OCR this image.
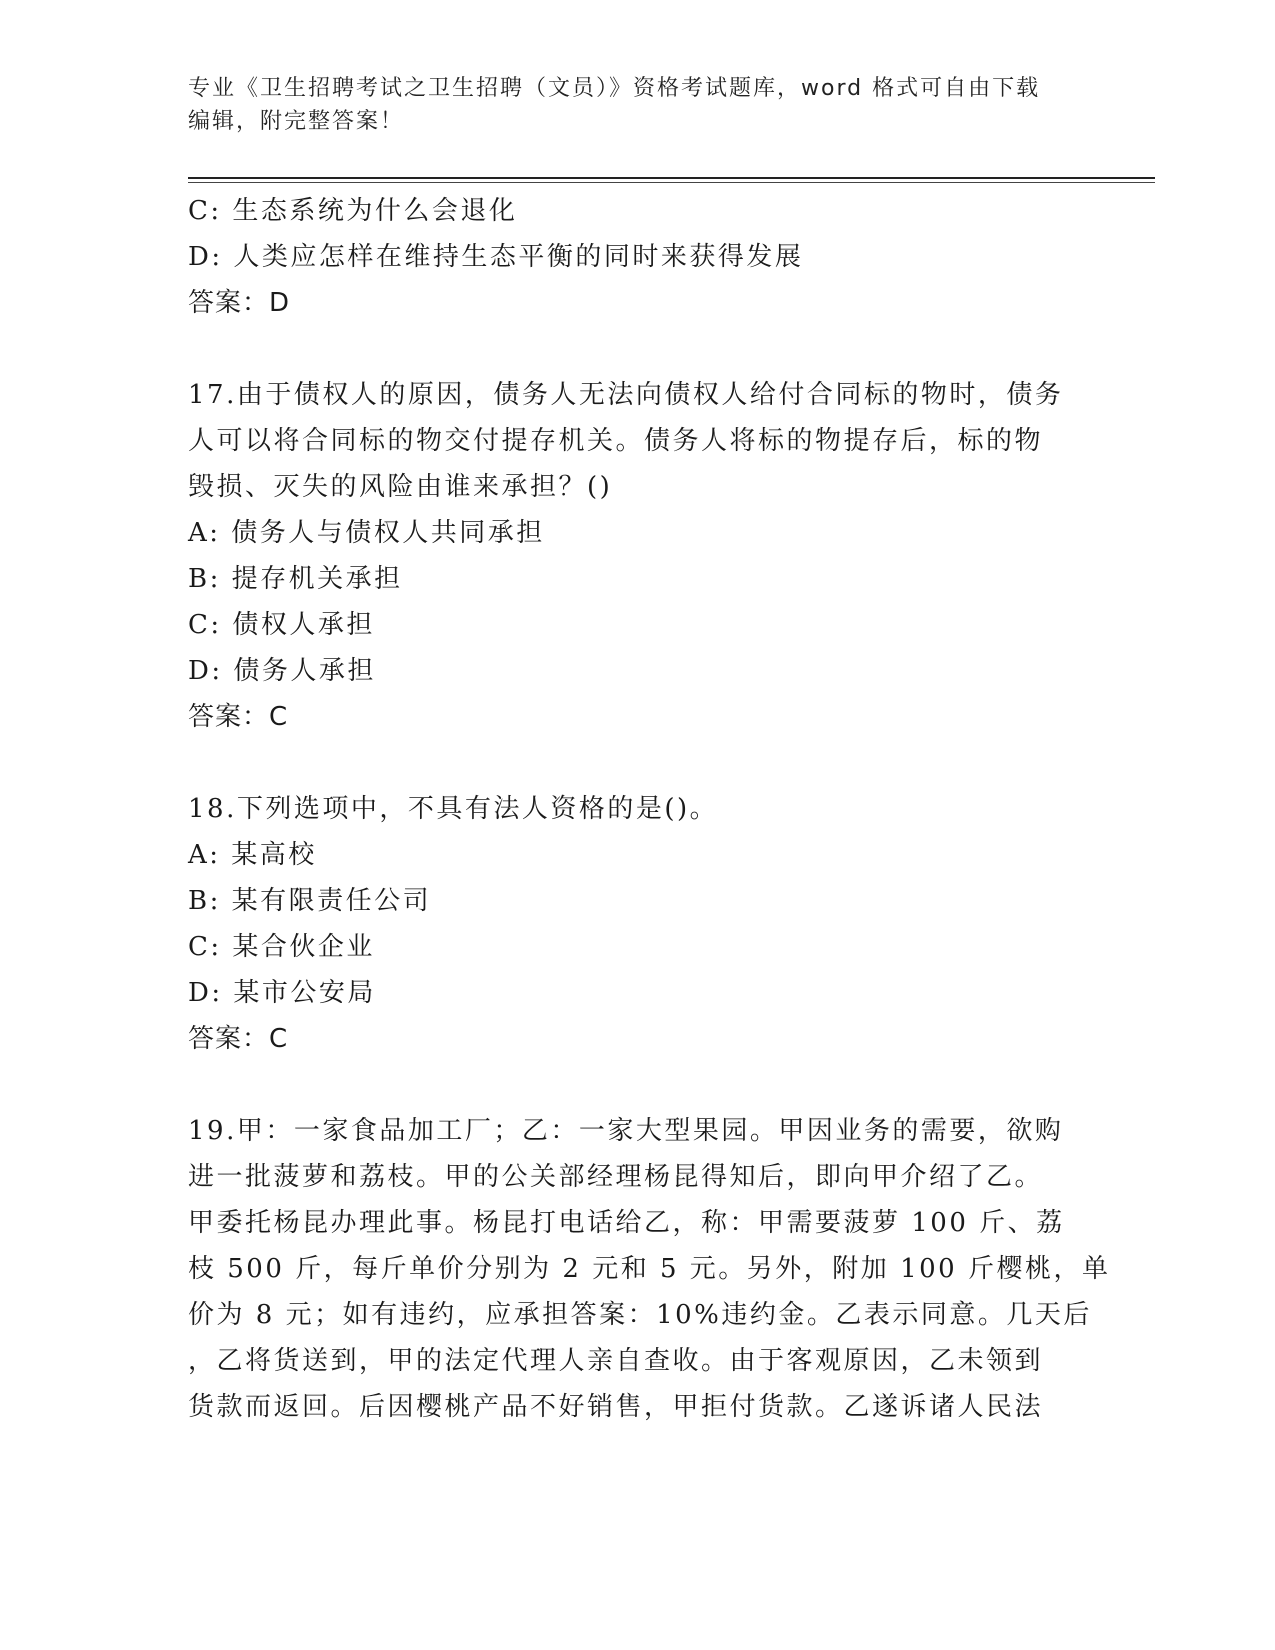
专业《卫生招聘考试之卫生招聘（文员）》资格考试题库，word 格式可自由下载
编辑，附完整答案！
C: 生态系统为什么会退化
D: 人类应怎样在维持生态平衡的同时来获得发展
答案：D
17.由于债权人的原因，债务人无法向债权人给付合同标的物时，债务
人可以将合同标的物交付提存机关。债务人将标的物提存后，标的物
毁损、灭失的风险由谁来承担？()
A: 债务人与债权人共同承担
B: 提存机关承担
C: 债权人承担
D: 债务人承担
答案：C
18.下列选项中，不具有法人资格的是()。
A: 某高校
B: 某有限责任公司
C: 某合伙企业
D: 某市公安局
答案：C
19.甲：一家食品加工厂；乙：一家大型果园。甲因业务的需要，欲购
进一批菠萝和荔枝。甲的公关部经理杨昆得知后，即向甲介绍了乙。
甲委托杨昆办理此事。杨昆打电话给乙，称：甲需要菠萝 100 斤、荔
枝 500 斤，每斤单价分别为 2 元和 5 元。另外，附加 100 斤樱桃，单
价为 8 元；如有违约，应承担答案：10%违约金。乙表示同意。几天后
，乙将货送到，甲的法定代理人亲自查收。由于客观原因，乙未领到
货款而返回。后因樱桃产品不好销售，甲拒付货款。乙遂诉诸人民法
